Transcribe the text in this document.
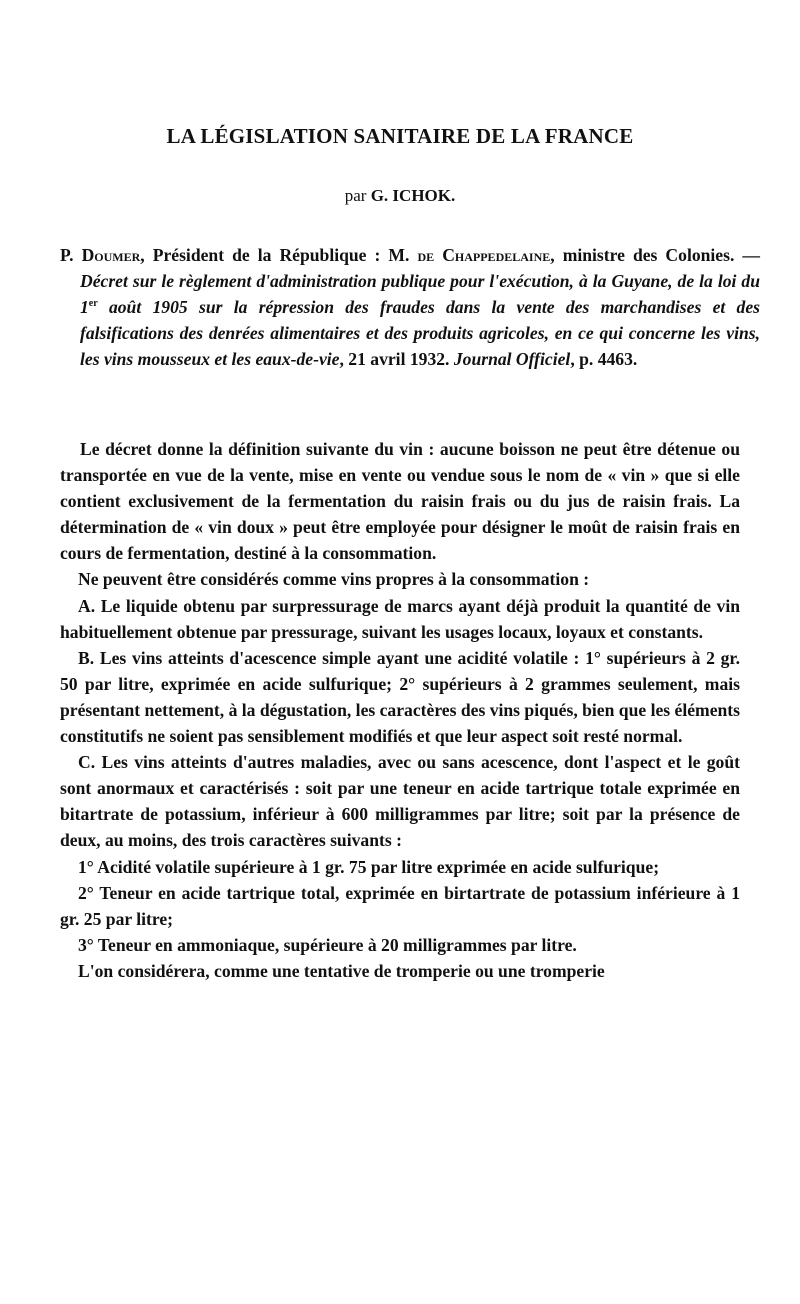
LA LÉGISLATION SANITAIRE DE LA FRANCE
par G. ICHOK.
P. Doumer, Président de la République : M. de Chappedelaine, ministre des Colonies. — Décret sur le règlement d'administration publique pour l'exécution, à la Guyane, de la loi du 1er août 1905 sur la répression des fraudes dans la vente des marchandises et des falsifications des denrées alimentaires et des produits agricoles, en ce qui concerne les vins, les vins mousseux et les eaux-de-vie, 21 avril 1932. Journal Officiel, p. 4463.

Le décret donne la définition suivante du vin : aucune boisson ne peut être détenue ou transportée en vue de la vente, mise en vente ou vendue sous le nom de « vin » que si elle contient exclusivement de la fermentation du raisin frais ou du jus de raisin frais. La détermination de « vin doux » peut être employée pour désigner le moût de raisin frais en cours de fermentation, destiné à la consommation.

Ne peuvent être considérés comme vins propres à la consommation :

A. Le liquide obtenu par surpressurage de marcs ayant déjà produit la quantité de vin habituellement obtenue par pressurage, suivant les usages locaux, loyaux et constants.

B. Les vins atteints d'acescence simple ayant une acidité volatile : 1° supérieurs à 2 gr. 50 par litre, exprimée en acide sulfurique; 2° supérieurs à 2 grammes seulement, mais présentant nettement, à la dégustation, les caractères des vins piqués, bien que les éléments constitutifs ne soient pas sensiblement modifiés et que leur aspect soit resté normal.

C. Les vins atteints d'autres maladies, avec ou sans acescence, dont l'aspect et le goût sont anormaux et caractérisés : soit par une teneur en acide tartrique totale exprimée en bitartrate de potassium, inférieur à 600 milligrammes par litre; soit par la présence de deux, au moins, des trois caractères suivants :

1° Acidité volatile supérieure à 1 gr. 75 par litre exprimée en acide sulfurique;

2° Teneur en acide tartrique total, exprimée en birtartrate de potassium inférieure à 1 gr. 25 par litre;

3° Teneur en ammoniaque, supérieure à 20 milligrammes par litre.

L'on considérera, comme une tentative de tromperie ou une tromperie
